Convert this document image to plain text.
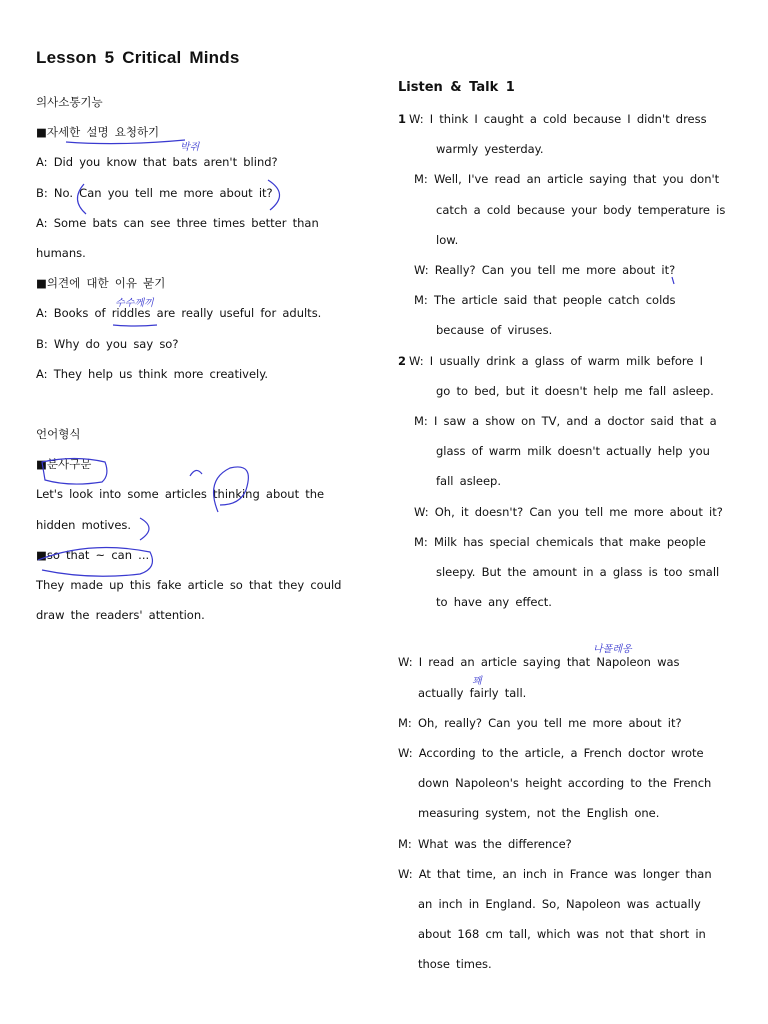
Lesson 5 Critical Minds
의사소통기능
■자세한 설명 요청하기
A: Did you know that bats aren't blind?
B: No. Can you tell me more about it?
A: Some bats can see three times better than
humans.
■의견에 대한 이유 묻기
A: Books of riddles are really useful for adults.
B: Why do you say so?
A: They help us think more creatively.
언어형식
■분사구문
Let's look into some articles thinking about the
hidden motives.
■so that ~ can ...
They made up this fake article so that they could
draw the readers' attention.
Listen & Talk 1
1 W: I think I caught a cold because I didn't dress
warmly yesterday.
M: Well, I've read an article saying that you don't
catch a cold because your body temperature is
low.
W: Really? Can you tell me more about it?
M: The article said that people catch colds
because of viruses.
2 W: I usually drink a glass of warm milk before I
go to bed, but it doesn't help me fall asleep.
M: I saw a show on TV, and a doctor said that a
glass of warm milk doesn't actually help you
fall asleep.
W: Oh, it doesn't? Can you tell me more about it?
M: Milk has special chemicals that make people
sleepy. But the amount in a glass is too small
to have any effect.
W: I read an article saying that Napoleon was
actually fairly tall.
M: Oh, really? Can you tell me more about it?
W: According to the article, a French doctor wrote
down Napoleon's height according to the French
measuring system, not the English one.
M: What was the difference?
W: At that time, an inch in France was longer than
an inch in England. So, Napoleon was actually
about 168 cm tall, which was not that short in
those times.
박쥐
수수께끼
나폴레옹
꽤
